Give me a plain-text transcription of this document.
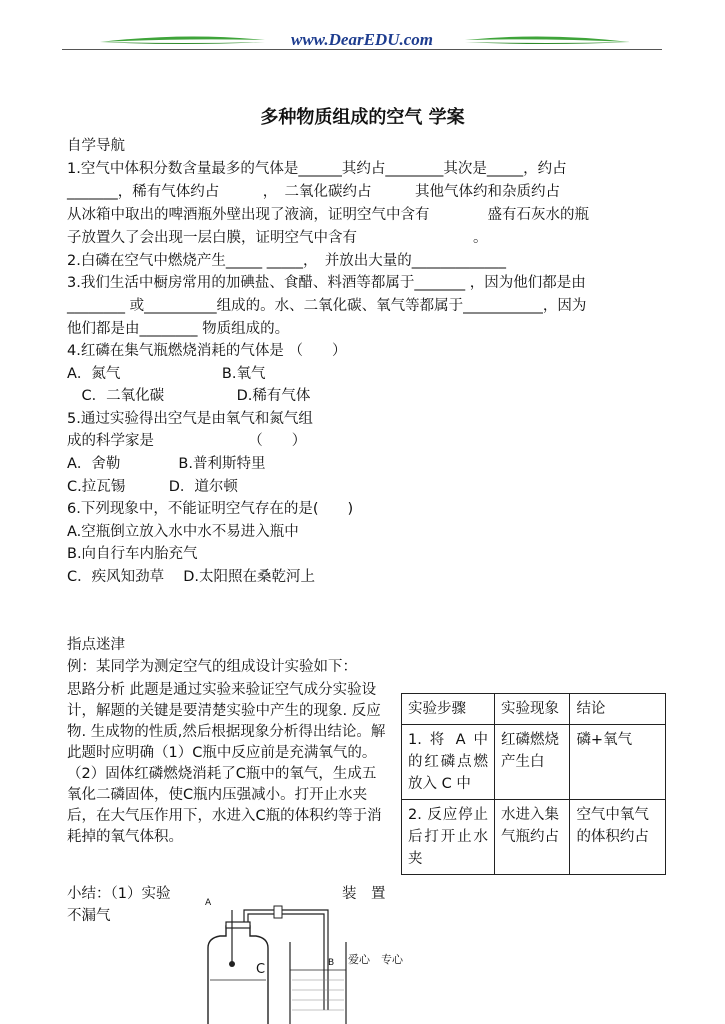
www.DearEDU.com
多种物质组成的空气 学案
自学导航
1.空气中体积分数含量最多的气体是______其约占________其次是_____，约占
_______，稀有气体约占　　　，　二氧化碳约占　　　其他气体约和杂质约占
从冰箱中取出的啤酒瓶外壁出现了液滴，证明空气中含有　　　　盛有石灰水的瓶
子放置久了会出现一层白膜，证明空气中含有　　　　　　　　。
2.白磷在空气中燃烧产生_____ _____，　并放出大量的_____________
3.我们生活中橱房常用的加碘盐、食醋、料酒等都属于_______ ，因为他们都是由
________ 或__________组成的。水、二氧化碳、氧气等都属于___________，因为
他们都是由________ 物质组成的。
4.红磷在集气瓶燃烧消耗的气体是 （　　）
A．氮气　　　　　　　B.氧气
　C．二氧化碳　　　　　D.稀有气体
5.通过实验得出空气是由氧气和氮气组
成的科学家是　　　　　　　（　　）
A．舍勒　　　　B.普利斯特里
C.拉瓦锡　　　D．道尔顿
6.下列现象中，不能证明空气存在的是(　　)
A.空瓶倒立放入水中水不易进入瓶中
B.向自行车内胎充气
C．疾风知劲草　 D.太阳照在桑乾河上
指点迷津
例：某同学为测定空气的组成设计实验如下：
思路分析 此题是通过实验来验证空气成分实验设计，解题的关键是要清楚实验中产生的现象. 反应物. 生成物的性质,然后根据现象分析得出结论。解此题时应明确（1）C瓶中反应前是充满氧气的。（2）固体红磷燃烧消耗了C瓶中的氧气，生成五氧化二磷固体，使C瓶内压强减小。打开止水夹后，在大气压作用下，水进入C瓶的体积约等于消耗掉的氧气体积。
小结：（1）实验	装　置
不漏气
实验步骤	实验现象	结论
1. 将 A 中的红磷点燃放入 C 中	红磷燃烧产生白	磷+氧气
2. 反应停止后打开止水夹	水进入集气瓶约占	空气中氧气的体积约占
A
C	B 爱心　专心
